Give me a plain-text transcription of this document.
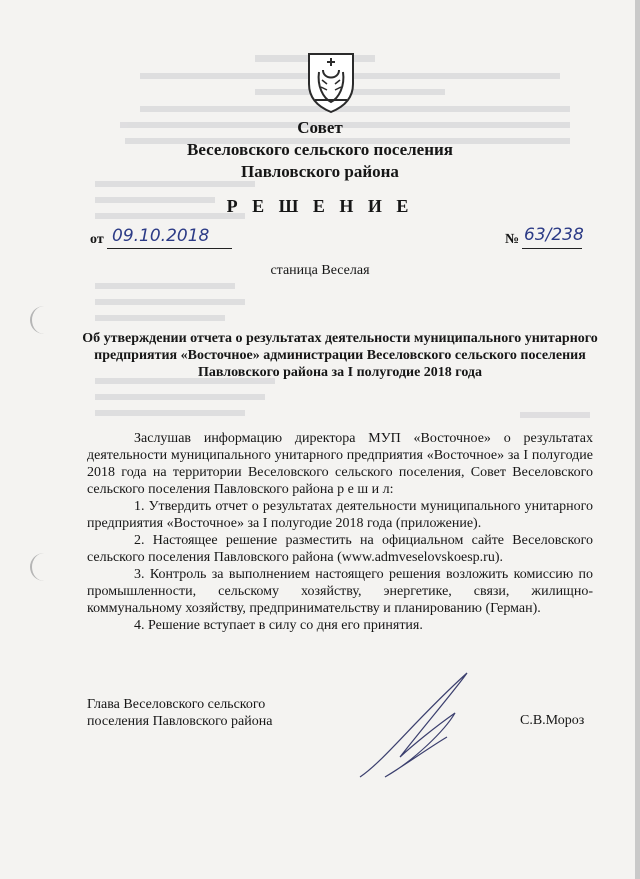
Совет
Веселовского сельского поселения
Павловского района
Р Е Ш Е Н И Е
от 09.10.2018	№ 63/238
станица Веселая
Об утверждении отчета о результатах деятельности муниципального унитарного предприятия «Восточное» администрации Веселовского сельского поселения Павловского района за I полугодие 2018 года

Заслушав информацию директора МУП «Восточное» о результатах деятельности муниципального унитарного предприятия «Восточное» за I полугодие 2018 года на территории Веселовского сельского поселения, Совет Веселовского сельского поселения Павловского района р е ш и л:

1. Утвердить отчет о результатах деятельности муниципального унитарного предприятия «Восточное» за I полугодие 2018 года (приложение).

2. Настоящее решение разместить на официальном сайте Веселовского сельского поселения Павловского района (www.admveselovskoesp.ru).

3. Контроль за выполнением настоящего решения возложить комиссию по промышленности, сельскому хозяйству, энергетике, связи, жилищно-коммунальному хозяйству, предпринимательству и планированию (Герман).

4. Решение вступает в силу со дня его принятия.

Глава Веселовского сельского
поселения Павловского района	С.В.Мороз
